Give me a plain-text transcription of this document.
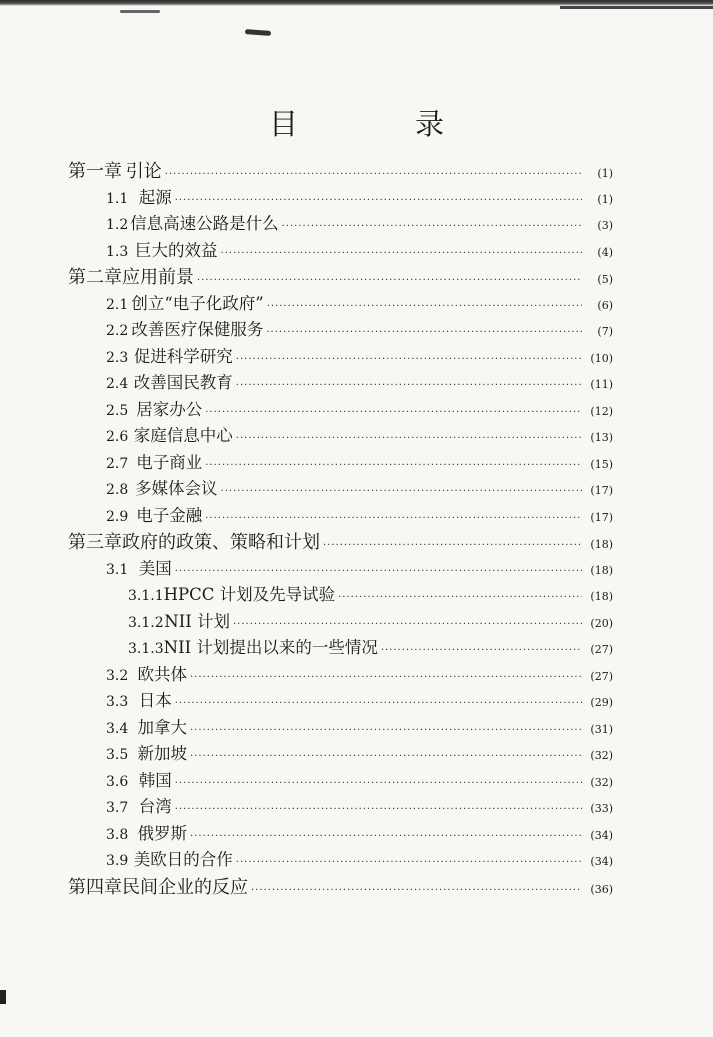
目　录
第一章 引论 ·····	(1)
1.1 起源 ·····	(1)
1.2 信息高速公路是什么 ·····	(3)
1.3 巨大的效益 ·····	(4)
第二章 应用前景 ·····	(5)
2.1 创立“电子化政府” ·····	(6)
2.2 改善医疗保健服务 ·····	(7)
2.3 促进科学研究 ·····	(10)
2.4 改善国民教育 ·····	(11)
2.5 居家办公 ·····	(12)
2.6 家庭信息中心 ·····	(13)
2.7 电子商业 ·····	(15)
2.8 多媒体会议 ·····	(17)
2.9 电子金融 ·····	(17)
第三章 政府的政策、策略和计划 ·····	(18)
3.1 美国 ·····	(18)
3.1.1 HPCC 计划及先导试验 ·····	(18)
3.1.2 NII 计划 ·····	(20)
3.1.3 NII 计划提出以来的一些情况 ·····	(27)
3.2 欧共体 ·····	(27)
3.3 日本 ·····	(29)
3.4 加拿大 ·····	(31)
3.5 新加坡 ·····	(32)
3.6 韩国 ·····	(32)
3.7 台湾 ·····	(33)
3.8 俄罗斯 ·····	(34)
3.9 美欧日的合作 ·····	(34)
第四章 民间企业的反应 ·····	(36)
